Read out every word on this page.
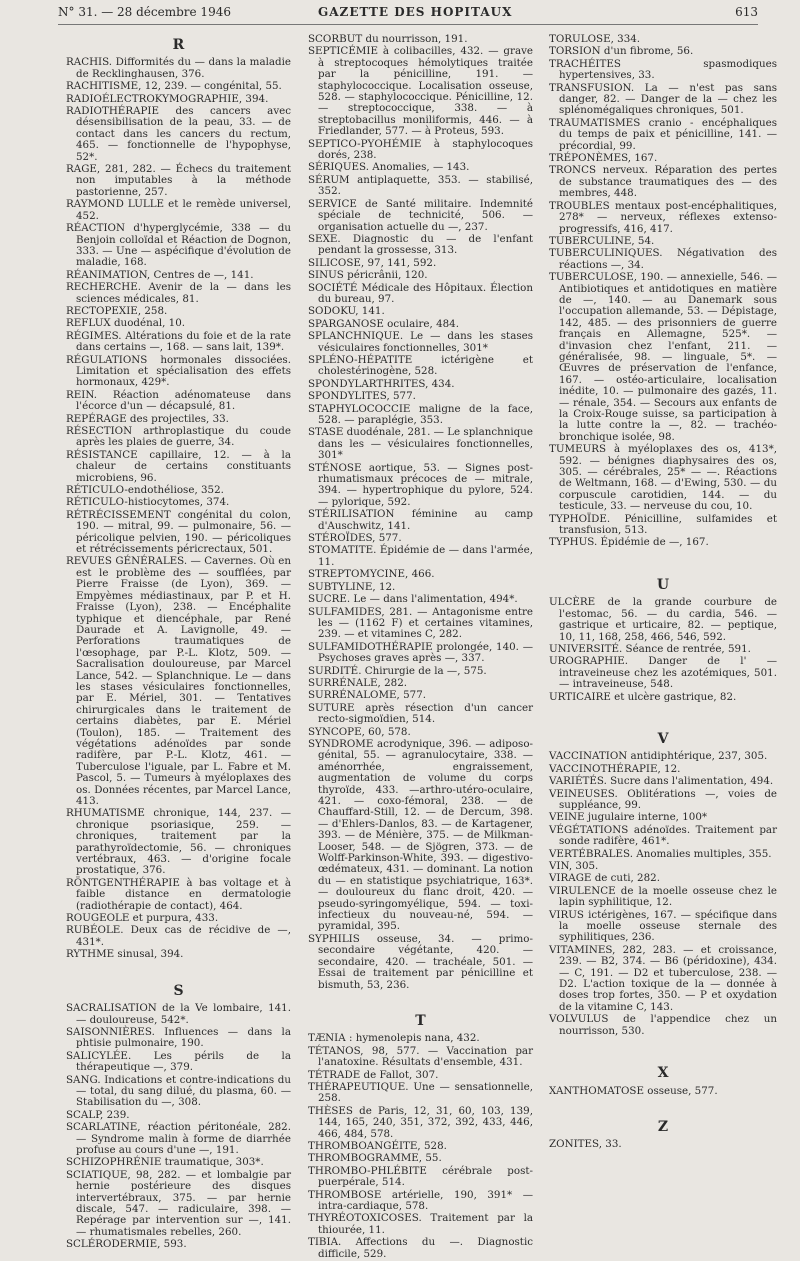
N° 31. — 28 décembre 1946	GAZETTE DES HOPITAUX	613
R

RACHIS. Difformités du — dans la maladie de Recklinghausen, 376.

RACHITISME, 12, 239. — congénital, 55.

RADIOÉLECTROKYMOGRAPHIE, 394.

RADIOTHÉRAPIE des cancers avec désensibilisation de la peau, 33. — de contact dans les cancers du rectum, 465. — fonctionnelle de l'hypophyse, 52*.

RAGE, 281, 282. — Échecs du traitement non imputables à la méthode pastorienne, 257.

RAYMOND LULLE et le remède universel, 452.

RÉACTION d'hyperglycémie, 338 — du Benjoin colloïdal et Réaction de Dognon, 333. — Une — aspécifique d'évolution de maladie, 168.

RÉANIMATION, Centres de —, 141.

RECHERCHE. Avenir de la — dans les sciences médicales, 81.

RECTOPEXIE, 258.

REFLUX duodénal, 10.

RÉGIMES. Altérations du foie et de la rate dans certains —, 168. — sans lait, 139*.

RÉGULATIONS hormonales dissociées. Limitation et spécialisation des effets hormonaux, 429*.

REIN. Réaction adénomateuse dans l'écorce d'un — décapsulé, 81.

REPÉRAGE des projectiles, 33.

RÉSECTION arthroplastique du coude après les plaies de guerre, 34.

RÉSISTANCE capillaire, 12. — à la chaleur de certains constituants microbiens, 96.

RÉTICULO-endothéliose, 352.

RÉTICULO-histiocytomes, 374.

RÉTRÉCISSEMENT congénital du colon, 190. — mitral, 99. — pulmonaire, 56. — péricolique pelvien, 190. — péricoliques et rétrécissements péricrectaux, 501.

REVUES GÉNÉRALES. — Cavernes. Où en est le problème des — soufflées, par Pierre Fraisse (de Lyon), 369. — Empyèmes médiastinaux, par P. et H. Fraisse (Lyon), 238. — Encéphalite typhique et diencéphale, par René Daurade et A. Lavignolle, 49. — Perforations traumatiques de l'œsophage, par P.-L. Klotz, 509. — Sacralisation douloureuse, par Marcel Lance, 542. — Splanchnique. Le — dans les stases vésiculaires fonctionnelles, par E. Mériel, 301. — Tentatives chirurgicales dans le traitement de certains diabètes, par E. Mériel (Toulon), 185. — Traitement des végétations adénoïdes par sonde radifère, par P.-L. Klotz, 461. — Tuberculose l'iguale, par L. Fabre et M. Pascol, 5. — Tumeurs à myéloplaxes des os. Données récentes, par Marcel Lance, 413.

RHUMATISME chronique, 144, 237. — chronique psoriasique, 259. — chroniques, traitement par la parathyroïdectomie, 56. — chroniques vertébraux, 463. — d'origine focale prostatique, 376.

RÖNTGENTHÉRAPIE à bas voltage et à faible distance en dermatologie (radiothérapie de contact), 464.

ROUGEOLE et purpura, 433.

RUBÉOLE. Deux cas de récidive de —, 431*.

RYTHME sinusal, 394.

S

SACRALISATION de la Ve lombaire, 141. — douloureuse, 542*.

SAISONNIÈRES. Influences — dans la phtisie pulmonaire, 190.

SALICYLÉE. Les périls de la thérapeutique —, 379.

SANG. Indications et contre-indications du — total, du sang dilué, du plasma, 60. — Stabilisation du —, 308.

SCALP, 239.

SCARLATINE, réaction péritonéale, 282. — Syndrome malin à forme de diarrhée profuse au cours d'une —, 191.

SCHIZOPHRÉNIE traumatique, 303*.

SCIATIQUE, 98, 282. — et lombalgie par hernie postérieure des disques intervertébraux, 375. — par hernie discale, 547. — radiculaire, 398. — Repérage par intervention sur —, 141. — rhumatismales rebelles, 260.

SCLÉRODERMIE, 593.

SCORBUT du nourrisson, 191.

SEPTICÉMIE à colibacilles, 432. — grave à streptocoques hémolytiques traitée par la pénicilline, 191. — staphylococcique. Localisation osseuse, 528. — staphylococcique. Pénicilline, 12. — streptococcique, 338. — à streptobacillus moniliformis, 446. — à Friedlander, 577. — à Proteus, 593.

SEPTICO-PYOHÉMIE à staphylocoques dorés, 238.

SÉRIQUES. Anomalies, — 143.

SÉRUM antiplaquette, 353. — stabilisé, 352.

SERVICE de Santé militaire. Indemnité spéciale de technicité, 506. — organisation actuelle du —, 237.

SEXE. Diagnostic du — de l'enfant pendant la grossesse, 313.

SILICOSE, 97, 141, 592.

SINUS péricrânii, 120.

SOCIÉTÉ Médicale des Hôpitaux. Élection du bureau, 97.

SODOKU, 141.

SPARGANOSE oculaire, 484.

SPLANCHNIQUE. Le — dans les stases vésiculaires fonctionnelles, 301*

SPLÉNO-HÉPATITE ictérigène et cholestérinogène, 528.

SPONDYLARTHRITES, 434.

SPONDYLITES, 577.

STAPHYLOCOCCIE maligne de la face, 528. — paraplégie, 353.

STASE duodénale, 281. — Le splanchnique dans les — vésiculaires fonctionnelles, 301*

STÉNOSE aortique, 53. — Signes post-rhumatismaux précoces de — mitrale, 394. — hypertrophique du pylore, 524. — pylorique, 592.

STÉRILISATION féminine au camp d'Auschwitz, 141.

STÉROÏDES, 577.

STOMATITE. Épidémie de — dans l'armée, 11.

STREPTOMYCINE, 466.

SUBTYLINE, 12.

SUCRE. Le — dans l'alimentation, 494*.

SULFAMIDES, 281. — Antagonisme entre les — (1162 F) et certaines vitamines, 239. — et vitamines C, 282.

SULFAMIDOTHÉRAPIE prolongée, 140. — Psychoses graves après —, 337.

SURDITÉ. Chirurgie de la —, 575.

SURRÉNALE, 282.

SURRÉNALOME, 577.

SUTURE après résection d'un cancer recto-sigmoïdien, 514.

SYNCOPE, 60, 578.

SYNDROME acrodynique, 396. — adiposo-génital, 55. — agranulocytaire, 338. — aménorrhée, engraissement, augmentation de volume du corps thyroïde, 433. —arthro-utéro-oculaire, 421. — coxo-fémoral, 238. — de Chauffard-Still, 12. — de Dercum, 398. — d'Ehlers-Danlos, 83. — de Kartagener, 393. — de Ménière, 375. — de Milkman-Looser, 548. — de Sjögren, 373. — de Wolff-Parkinson-White, 393. — digestivo-œdémateux, 431. — dominant. La notion du — en statistique psychiatrique, 163*. — douloureux du flanc droit, 420. — pseudo-syringomyélique, 594. — toxi-infectieux du nouveau-né, 594. — pyramidal, 395.

SYPHILIS osseuse, 34. — primo-secondaire végétante, 420. — secondaire, 420. — trachéale, 501. — Essai de traitement par pénicilline et bismuth, 53, 236.

T

TÆNIA : hymenolepis nana, 432.

TÉTANOS, 98, 577. — Vaccination par l'anatoxine. Résultats d'ensemble, 431.

TÉTRADE de Fallot, 307.

THÉRAPEUTIQUE. Une — sensationnelle, 258.

THÈSES de Paris, 12, 31, 60, 103, 139, 144, 165, 240, 351, 372, 392, 433, 446, 466, 484, 578.

THROMBOANGÉITE, 528.

THROMBOGRAMME, 55.

THROMBO-PHLÉBITE cérébrale post-puerpérale, 514.

THROMBOSE artérielle, 190, 391* — intra-cardiaque, 578.

THYRÉOTOXICOSES. Traitement par la thiourée, 11.

TIBIA. Affections du —. Diagnostic difficile, 529.

TORULOSE, 334.

TORSION d'un fibrome, 56.

TRACHÉITES spasmodiques hypertensives, 33.

TRANSFUSION. La — n'est pas sans danger, 82. — Danger de la — chez les splénomégaliques chroniques, 501.

TRAUMATISMES cranio - encéphaliques du temps de paix et pénicilline, 141. — précordial, 99.

TRÉPONÈMES, 167.

TRONCS nerveux. Réparation des pertes de substance traumatiques des — des membres, 448.

TROUBLES mentaux post-encéphalitiques, 278* — nerveux, réflexes extenso-progressifs, 416, 417.

TUBERCULINE, 54.

TUBERCULINIQUES. Négativation des réactions —, 34.

TUBERCULOSE, 190. — annexielle, 546. — Antibiotiques et antidotiques en matière de —, 140. — au Danemark sous l'occupation allemande, 53. — Dépistage, 142, 485. — des prisonniers de guerre français en Allemagne, 525*. — d'invasion chez l'enfant, 211. — généralisée, 98. — linguale, 5*. — Œuvres de préservation de l'enfance, 167. — ostéo-articulaire, localisation inédite, 10. — pulmonaire des gazés, 11. — rénale, 354. — Secours aux enfants de la Croix-Rouge suisse, sa participation à la lutte contre la —, 82. — trachéo-bronchique isolée, 98.

TUMEURS à myéloplaxes des os, 413*, 592. — bénignes diaphysaires des os, 305. — cérébrales, 25* — —. Réactions de Weltmann, 168. — d'Ewing, 530. — du corpuscule carotidien, 144. — du testicule, 33. — nerveuse du cou, 10.

TYPHOÏDE. Pénicilline, sulfamides et transfusion, 513.

TYPHUS. Épidémie de —, 167.

U

ULCÈRE de la grande courbure de l'estomac, 56. — du cardia, 546. — gastrique et urticaire, 82. — peptique, 10, 11, 168, 258, 466, 546, 592.

UNIVERSITÉ. Séance de rentrée, 591.

UROGRAPHIE. Danger de l' — intraveineuse chez les azotémiques, 501. — intraveineuse, 548.

URTICAIRE et ulcère gastrique, 82.

V

VACCINATION antidiphtérique, 237, 305.

VACCINOTHÉRAPIE, 12.

VARIÉTÉS. Sucre dans l'alimentation, 494.

VEINEUSES. Oblitérations —, voies de suppléance, 99.

VEINE jugulaire interne, 100*

VÉGÉTATIONS adénoïdes. Traitement par sonde radifère, 461*.

VERTÉBRALES. Anomalies multiples, 355.

VIN, 305.

VIRAGE de cuti, 282.

VIRULENCE de la moelle osseuse chez le lapin syphilitique, 12.

VIRUS ictérigènes, 167. — spécifique dans la moelle osseuse sternale des syphilitiques, 236.

VITAMINES, 282, 283. — et croissance, 239. — B2, 374. — B6 (péridoxine), 434. — C, 191. — D2 et tuberculose, 238. — D2. L'action toxique de la — donnée à doses trop fortes, 350. — P et oxydation de la vitamine C, 143.

VOLVULUS de l'appendice chez un nourrisson, 530.

X

XANTHOMATOSE osseuse, 577.

Z

ZONITES, 33.
